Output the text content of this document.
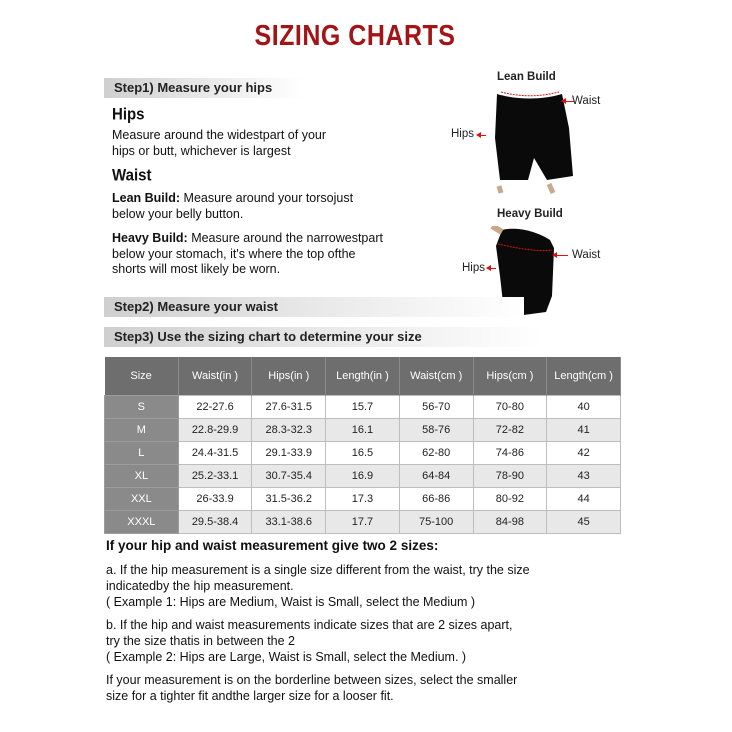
SIZING CHARTS
Step1) Measure your hips
Hips
Measure around the widestpart of your
hips or butt, whichever is largest
Waist
Lean Build: Measure around your torsojust
below your belly button.
Heavy Build: Measure around the narrowestpart
below your stomach, it's where the top ofthe
shorts will most likely be worn.
Lean Build
Waist
Hips
Heavy Build
Waist
Hips
Step2) Measure your waist
Step3) Use the sizing chart to determine your size
Size	Waist(in )	Hips(in )	Length(in )	Waist(cm )	Hips(cm )	Length(cm )
S	22-27.6	27.6-31.5	15.7	56-70	70-80	40
M	22.8-29.9	28.3-32.3	16.1	58-76	72-82	41
L	24.4-31.5	29.1-33.9	16.5	62-80	74-86	42
XL	25.2-33.1	30.7-35.4	16.9	64-84	78-90	43
XXL	26-33.9	31.5-36.2	17.3	66-86	80-92	44
XXXL	29.5-38.4	33.1-38.6	17.7	75-100	84-98	45
If your hip and waist measurement give two 2 sizes:
a. If the hip measurement is a single size different from the waist, try the size
indicatedby the hip measurement.
( Example 1: Hips are Medium, Waist is Small, select the Medium )
b. If the hip and waist measurements indicate sizes that are 2 sizes apart,
try the size thatis in between the 2
( Example 2: Hips are Large, Waist is Small, select the Medium. )
If your measurement is on the borderline between sizes, select the smaller
size for a tighter fit andthe larger size for a looser fit.
